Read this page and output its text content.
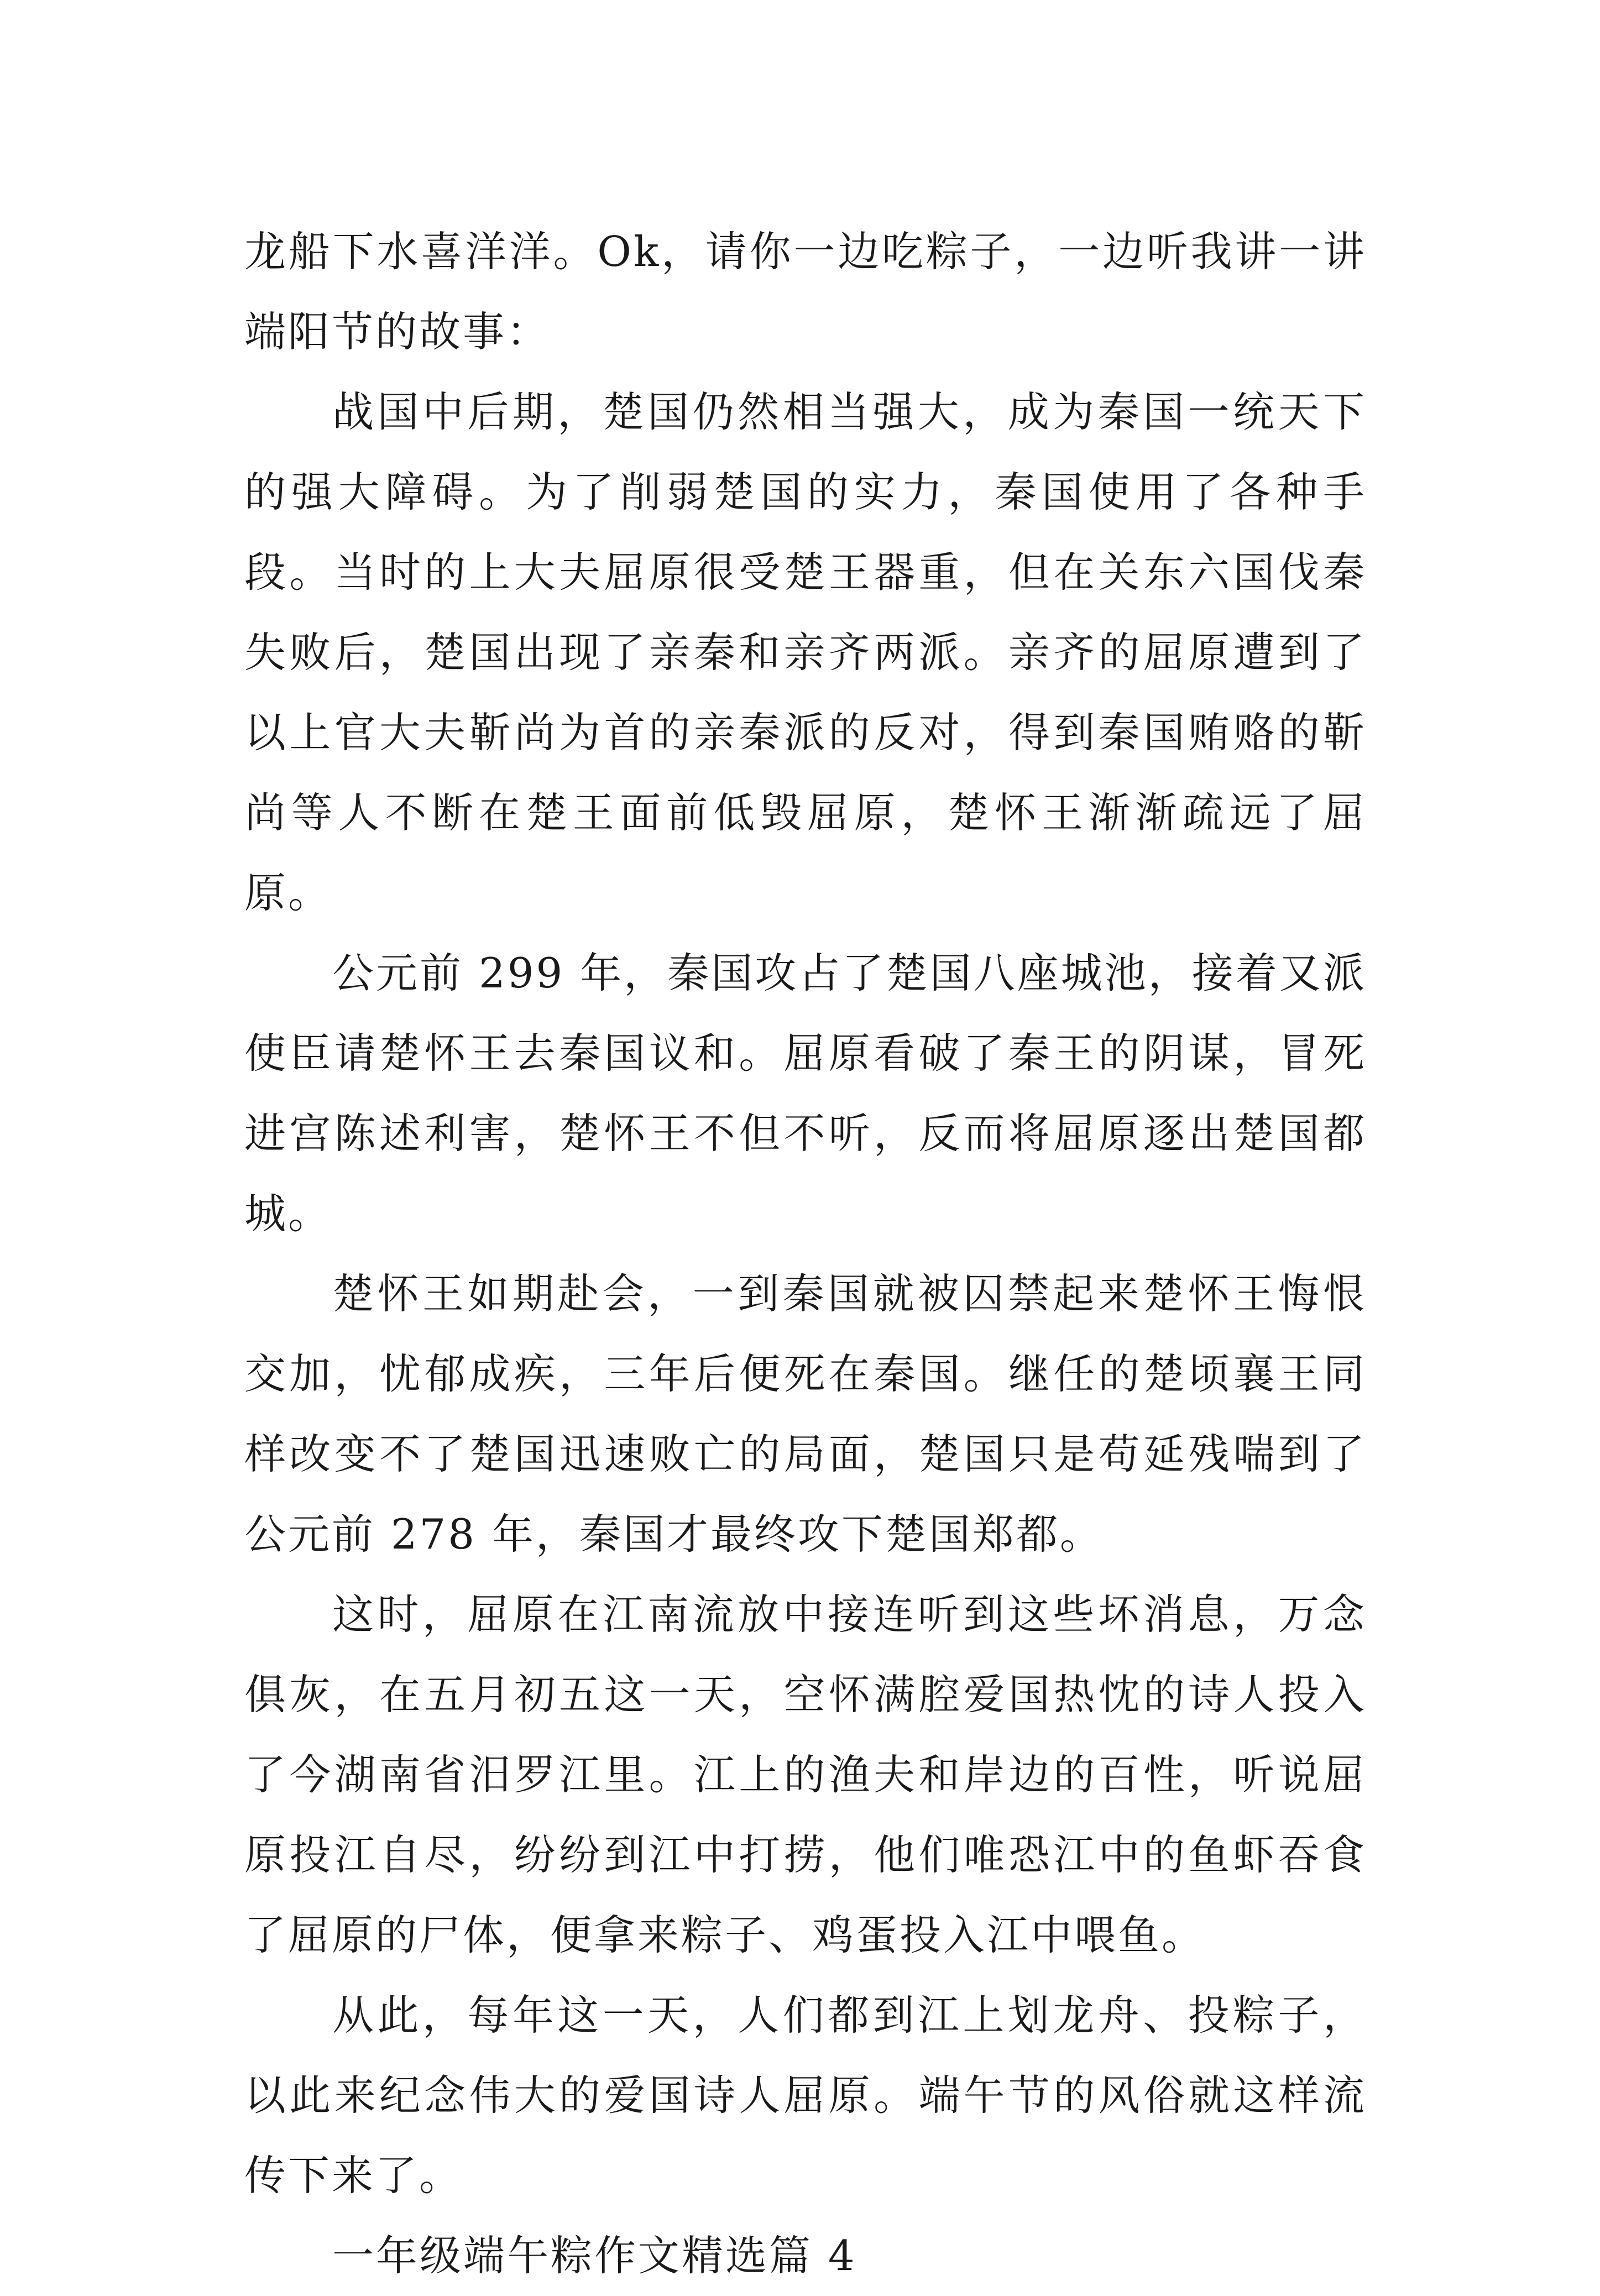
龙船下水喜洋洋。Ok，请你一边吃粽子，一边听我讲一讲端阳节的故事：

战国中后期，楚国仍然相当强大，成为秦国一统天下的强大障碍。为了削弱楚国的实力，秦国使用了各种手段。当时的上大夫屈原很受楚王器重，但在关东六国伐秦失败后，楚国出现了亲秦和亲齐两派。亲齐的屈原遭到了以上官大夫靳尚为首的亲秦派的反对，得到秦国贿赂的靳尚等人不断在楚王面前低毁屈原，楚怀王渐渐疏远了屈原。

公元前 299 年，秦国攻占了楚国八座城池，接着又派使臣请楚怀王去秦国议和。屈原看破了秦王的阴谋，冒死进宫陈述利害，楚怀王不但不听，反而将屈原逐出楚国都城。

楚怀王如期赴会，一到秦国就被囚禁起来楚怀王悔恨交加，忧郁成疾，三年后便死在秦国。继任的楚顷襄王同样改变不了楚国迅速败亡的局面，楚国只是苟延残喘到了公元前 278 年，秦国才最终攻下楚国郑都。

这时，屈原在江南流放中接连听到这些坏消息，万念俱灰，在五月初五这一天，空怀满腔爱国热忱的诗人投入了今湖南省汨罗江里。江上的渔夫和岸边的百性，听说屈原投江自尽，纷纷到江中打捞，他们唯恐江中的鱼虾吞食了屈原的尸体，便拿来粽子、鸡蛋投入江中喂鱼。

从此，每年这一天，人们都到江上划龙舟、投粽子，以此来纪念伟大的爱国诗人屈原。端午节的风俗就这样流传下来了。

一年级端午粽作文精选篇 4
